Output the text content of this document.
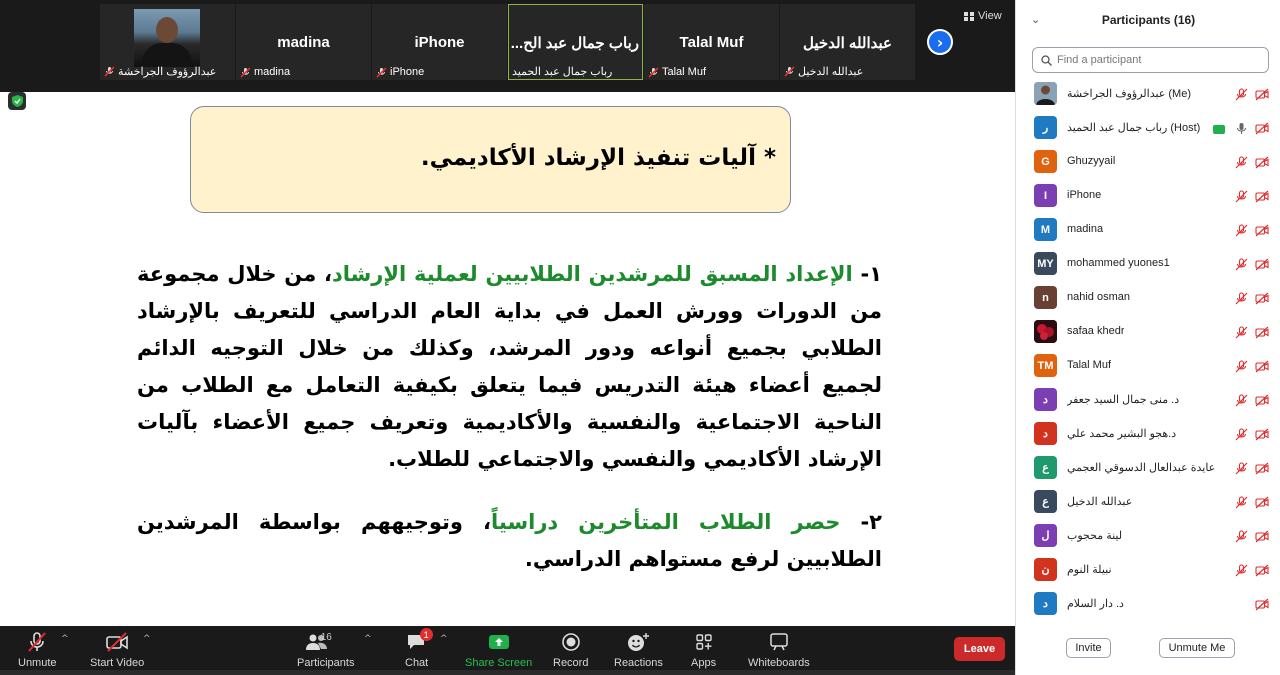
عبدالرؤوف الجراخشة
madina
madina
iPhone
iPhone
رباب جمال عبد الح...
رباب جمال عبد الحميد
Talal Muf
Talal Muf
عبدالله الدخيل
عبدالله الدخيل
›
View
* آليات تنفيذ الإرشاد الأكاديمي.
١- الإعداد المسبق للمرشدين الطلابيين لعملية الإرشاد، من خلال مجموعة من الدورات وورش العمل في بداية العام الدراسي للتعريف بالإرشاد الطلابي بجميع أنواعه ودور المرشد، وكذلك من خلال التوجيه الدائم لجميع أعضاء هيئة التدريس فيما يتعلق بكيفية التعامل مع الطلاب من الناحية الاجتماعية والنفسية والأكاديمية وتعريف جميع الأعضاء بآليات الإرشاد الأكاديمي والنفسي والاجتماعي للطلاب.
٢- حصر الطلاب المتأخرين دراسياً، وتوجيههم بواسطة المرشدين الطلابيين لرفع مستواهم الدراسي.
Unmute
^
Start Video
^	16
Participants
^	1
Chat
^
Share Screen Record Reactions	Apps	Whiteboards
Leave
⌄	Participants (16)
Find a participant
عبدالرؤوف الجراخشة (Me)
ر	رباب جمال عبد الحميد (Host)
G	Ghuzyyail
I	iPhone
M	madina
MY mohammed yuones1
n	nahid osman
safaa khedr
TM	Talal Muf
د	د. منى جمال السيد جعفر
د	د.هجو البشير محمد علي
ع	عايدة عبدالعال الدسوقي العجمي
ع	عبدالله الدخيل
ل	لينة محجوب
ن	نبيلة النوم
د	د. دار السلام
Invite	Unmute Me
